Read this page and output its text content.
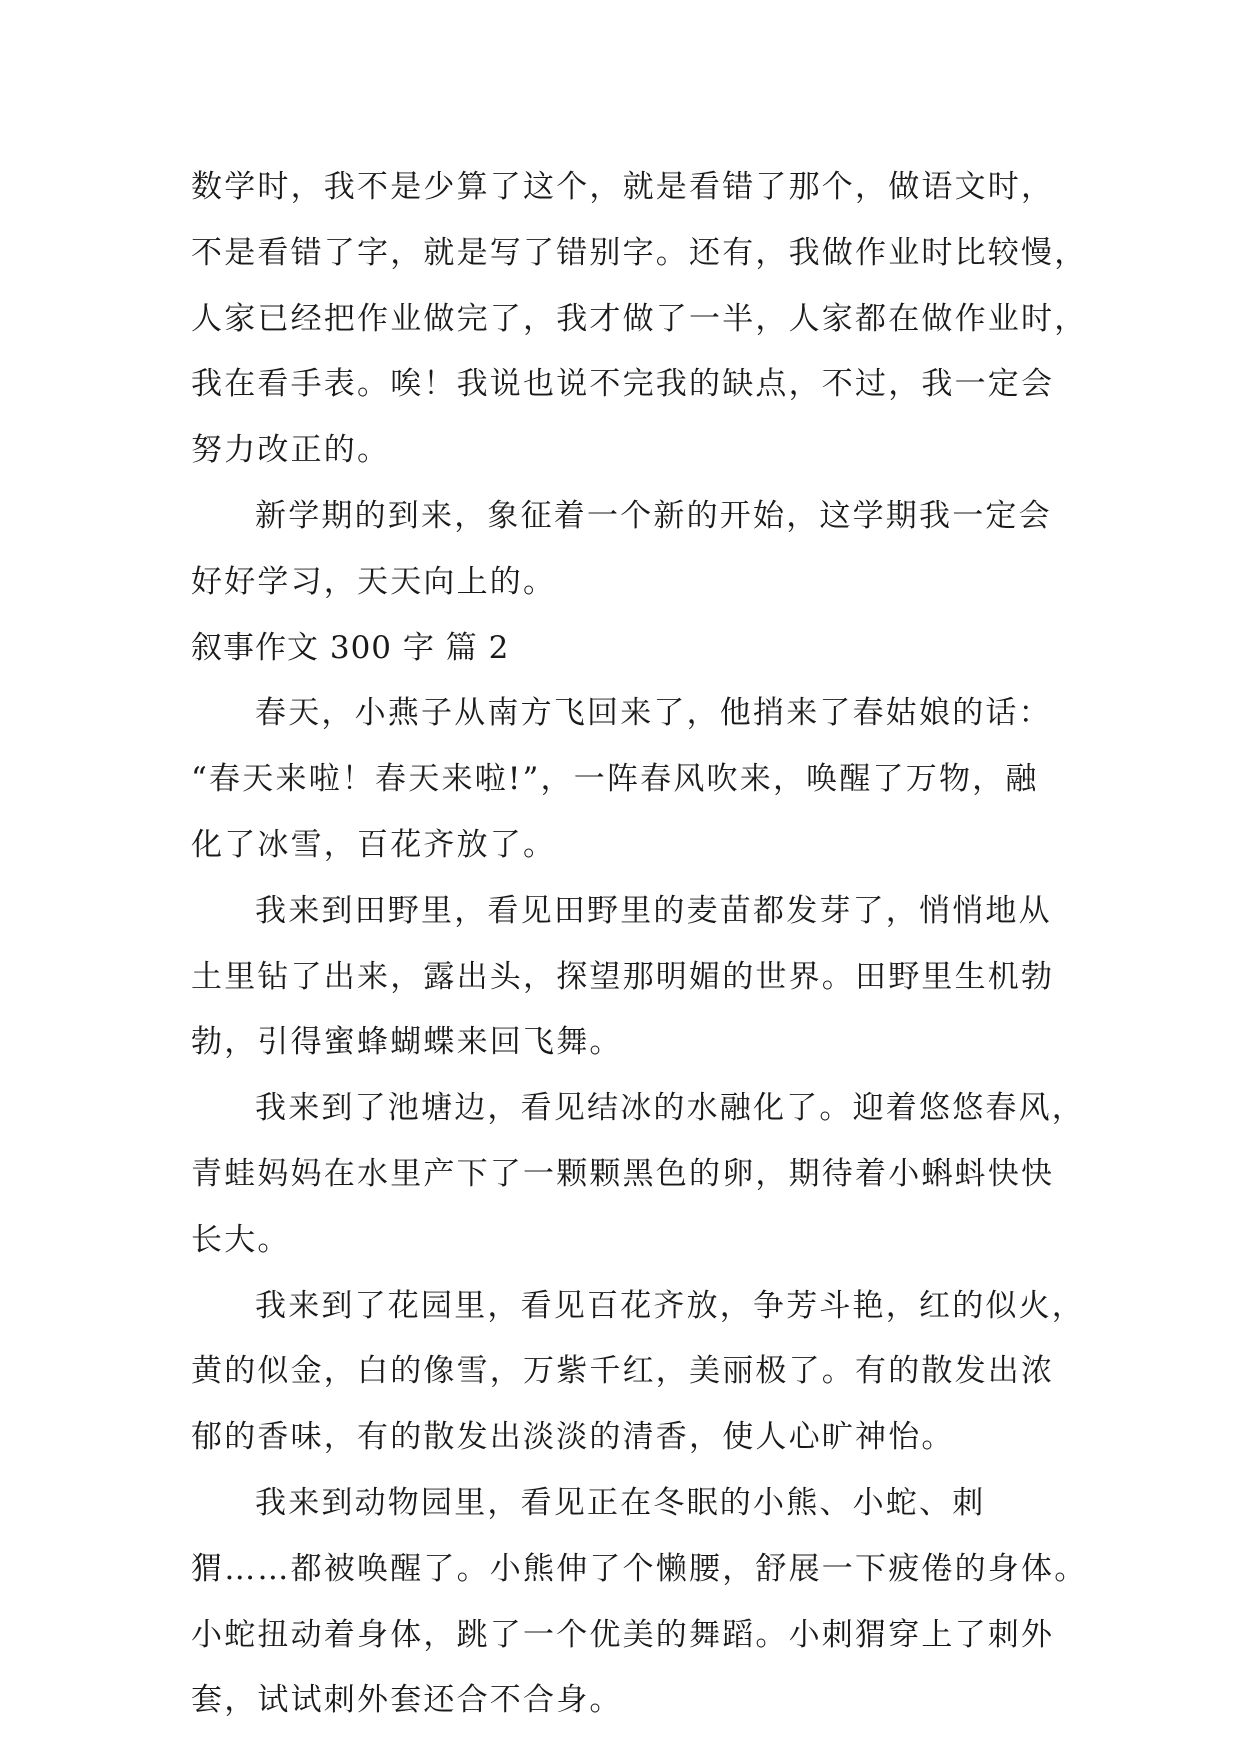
数学时，我不是少算了这个，就是看错了那个，做语文时，
不是看错了字，就是写了错别字。还有，我做作业时比较慢，
人家已经把作业做完了，我才做了一半，人家都在做作业时，
我在看手表。唉！我说也说不完我的缺点，不过，我一定会
努力改正的。
新学期的到来，象征着一个新的开始，这学期我一定会
好好学习，天天向上的。
叙事作文 300 字 篇 2
春天，小燕子从南方飞回来了，他捎来了春姑娘的话：
“春天来啦！春天来啦!”，一阵春风吹来，唤醒了万物，融
化了冰雪，百花齐放了。
我来到田野里，看见田野里的麦苗都发芽了，悄悄地从
土里钻了出来，露出头，探望那明媚的世界。田野里生机勃
勃，引得蜜蜂蝴蝶来回飞舞。
我来到了池塘边，看见结冰的水融化了。迎着悠悠春风，
青蛙妈妈在水里产下了一颗颗黑色的卵，期待着小蝌蚪快快
长大。
我来到了花园里，看见百花齐放，争芳斗艳，红的似火，
黄的似金，白的像雪，万紫千红，美丽极了。有的散发出浓
郁的香味，有的散发出淡淡的清香，使人心旷神怡。
我来到动物园里，看见正在冬眠的小熊、小蛇、刺
猬……都被唤醒了。小熊伸了个懒腰，舒展一下疲倦的身体。
小蛇扭动着身体，跳了一个优美的舞蹈。小刺猬穿上了刺外
套，试试刺外套还合不合身。
